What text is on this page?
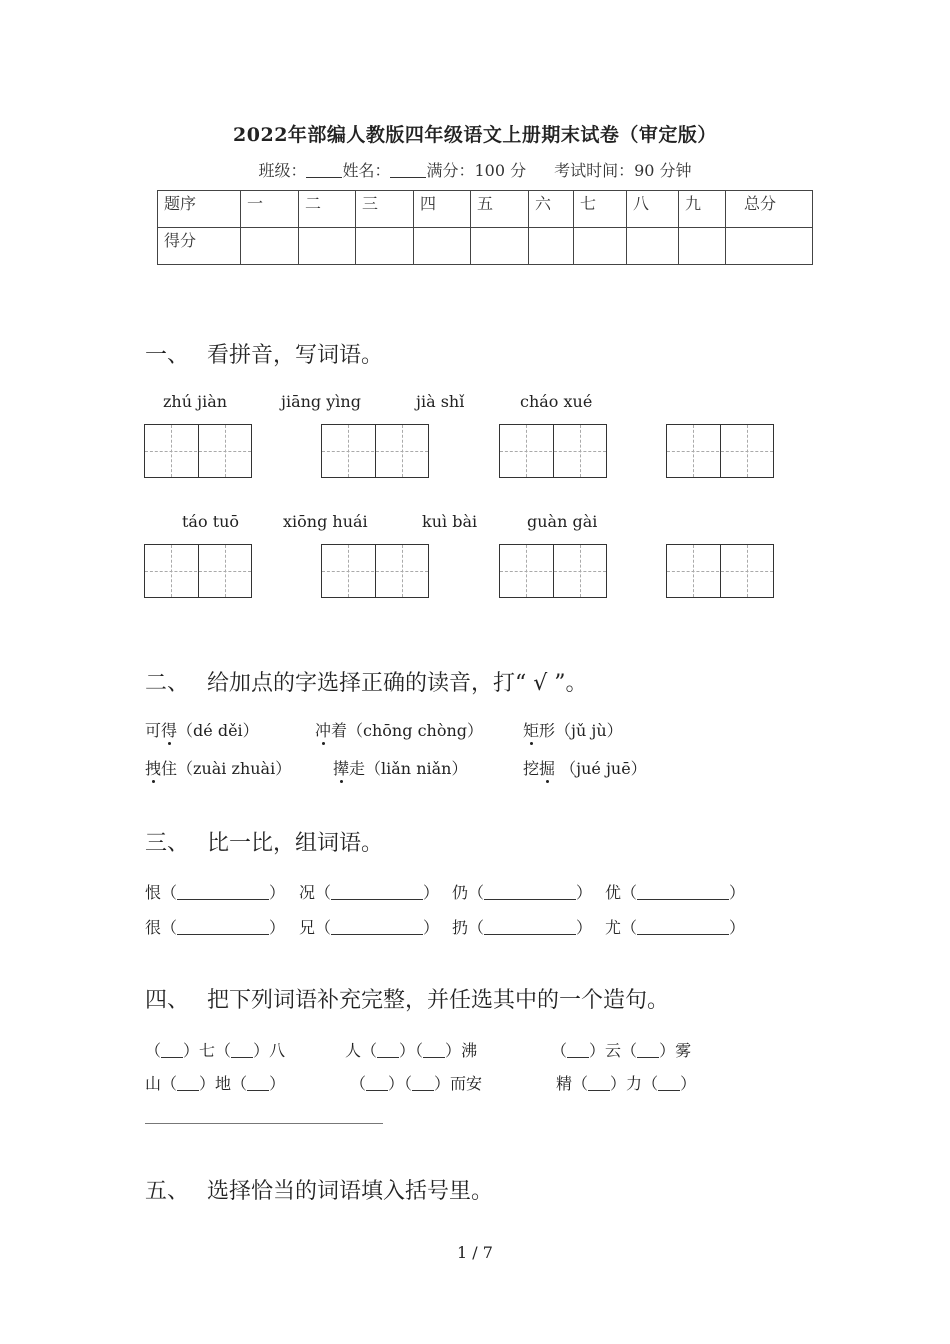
2022年部编人教版四年级语文上册期末试卷（审定版）
班级： 姓名： 满分：100 分 考试时间：90 分钟
题序	一	二	三	四	五	六	七	八	九	总分
得分										
一、 看拼音，写词语。
zhú jiàn	jiāng yìng	jià shǐ	cháo xué
táo tuō	xiōng huái	kuì bài	guàn gài
二、 给加点的字选择正确的读音，打“ √ ”。
可得（dé děi）	冲着（chōng chòng） 矩形（jǔ jù）
拽住（zuài zhuài）	撵走（liǎn niǎn）	挖掘 （jué juē）
三、 比一比，组词语。
恨（	） 况（	） 仍（	） 优（	）
很（	） 兄（	） 扔（	） 尤（	）
四、 把下列词语补充完整，并任选其中的一个造句。
（ ）七（ ）八	人（ ）（ ）沸	（ ）云（ ）雾
山（ ）地（ ）	（ ）（ ）而安	精（ ）力（ ）
五、 选择恰当的词语填入括号里。
1 / 7
